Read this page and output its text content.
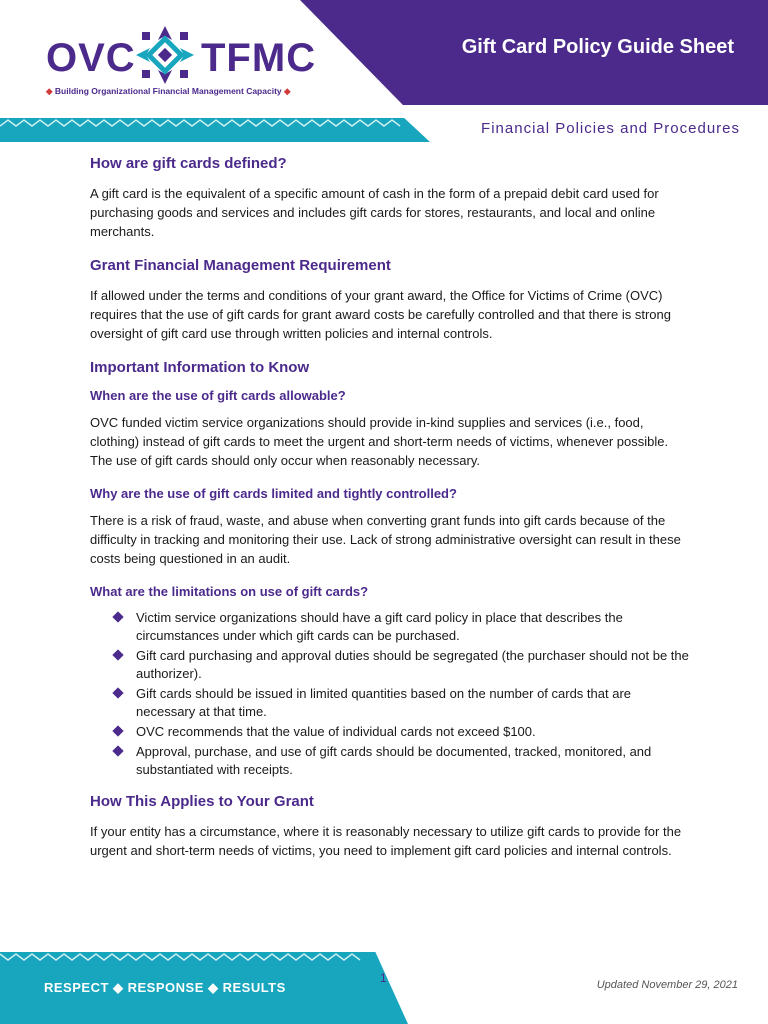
Gift Card Policy Guide Sheet
OVC TFMC
◆ Building Organizational Financial Management Capacity ◆
Financial Policies and Procedures
How are gift cards defined?

A gift card is the equivalent of a specific amount of cash in the form of a prepaid debit card used for purchasing goods and services and includes gift cards for stores, restaurants, and local and online merchants.

Grant Financial Management Requirement

If allowed under the terms and conditions of your grant award, the Office for Victims of Crime (OVC) requires that the use of gift cards for grant award costs be carefully controlled and that there is strong oversight of gift card use through written policies and internal controls.

Important Information to Know
When are the use of gift cards allowable?

OVC funded victim service organizations should provide in-kind supplies and services (i.e., food, clothing) instead of gift cards to meet the urgent and short-term needs of victims, whenever possible. The use of gift cards should only occur when reasonably necessary.

Why are the use of gift cards limited and tightly controlled?

There is a risk of fraud, waste, and abuse when converting grant funds into gift cards because of the difficulty in tracking and monitoring their use. Lack of strong administrative oversight can result in these costs being questioned in an audit.

What are the limitations on use of gift cards?
Victim service organizations should have a gift card policy in place that describes the circumstances under which gift cards can be purchased.
Gift card purchasing and approval duties should be segregated (the purchaser should not be the authorizer).
Gift cards should be issued in limited quantities based on the number of cards that are necessary at that time.
OVC recommends that the value of individual cards not exceed $100.
Approval, purchase, and use of gift cards should be documented, tracked, monitored, and substantiated with receipts.
How This Applies to Your Grant

If your entity has a circumstance, where it is reasonably necessary to utilize gift cards to provide for the urgent and short-term needs of victims, you need to implement gift card policies and internal controls.

RESPECT ◆ RESPONSE ◆ RESULTS
1	Updated November 29, 2021
